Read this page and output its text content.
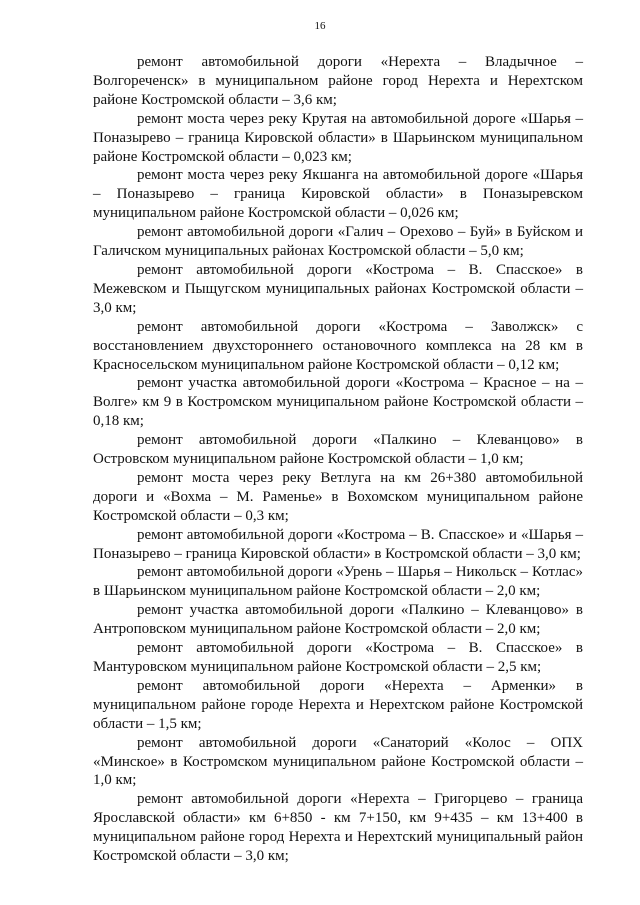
16

ремонт автомобильной дороги «Нерехта – Владычное – Волгореченск» в муниципальном районе город Нерехта и Нерехтском районе Костромской области – 3,6 км;

ремонт моста через реку Крутая на автомобильной дороге «Шарья – Поназырево – граница Кировской области» в Шарьинском муниципальном районе Костромской области – 0,023 км;

ремонт моста через реку Якшанга на автомобильной дороге «Шарья – Поназырево – граница Кировской области» в Поназыревском муниципальном районе Костромской области – 0,026 км;

ремонт автомобильной дороги «Галич – Орехово – Буй» в Буйском и Галичском муниципальных районах Костромской области – 5,0 км;

ремонт автомобильной дороги «Кострома – В. Спасское» в Межевском и Пыщугском муниципальных районах Костромской области – 3,0 км;

ремонт автомобильной дороги «Кострома – Заволжск» с восстановлением двухстороннего остановочного комплекса на 28 км в Красносельском муниципальном районе Костромской области – 0,12 км;

ремонт участка автомобильной дороги «Кострома – Красное – на – Волге» км 9 в Костромском муниципальном районе Костромской области – 0,18 км;

ремонт автомобильной дороги «Палкино – Клеванцово» в Островском муниципальном районе Костромской области – 1,0 км;

ремонт моста через реку Ветлуга на км 26+380 автомобильной дороги и «Вохма – М. Раменье» в Вохомском муниципальном районе Костромской области – 0,3 км;

ремонт автомобильной дороги «Кострома – В. Спасское» и «Шарья – Поназырево – граница Кировской области» в Костромской области – 3,0 км;

ремонт автомобильной дороги «Урень – Шарья – Никольск – Котлас» в Шарьинском муниципальном районе Костромской области – 2,0 км;

ремонт участка автомобильной дороги «Палкино – Клеванцово» в Антроповском муниципальном районе Костромской области – 2,0 км;

ремонт автомобильной дороги «Кострома – В. Спасское» в Мантуровском муниципальном районе Костромской области – 2,5 км;

ремонт автомобильной дороги «Нерехта – Арменки» в муниципальном районе городе Нерехта и Нерехтском районе Костромской области – 1,5 км;

ремонт автомобильной дороги «Санаторий «Колос – ОПХ «Минское» в Костромском муниципальном районе Костромской области – 1,0 км;

ремонт автомобильной дороги «Нерехта – Григорцево – граница Ярославской области» км 6+850 - км 7+150, км 9+435 – км 13+400 в муниципальном районе город Нерехта и Нерехтский муниципальный район Костромской области – 3,0 км;
